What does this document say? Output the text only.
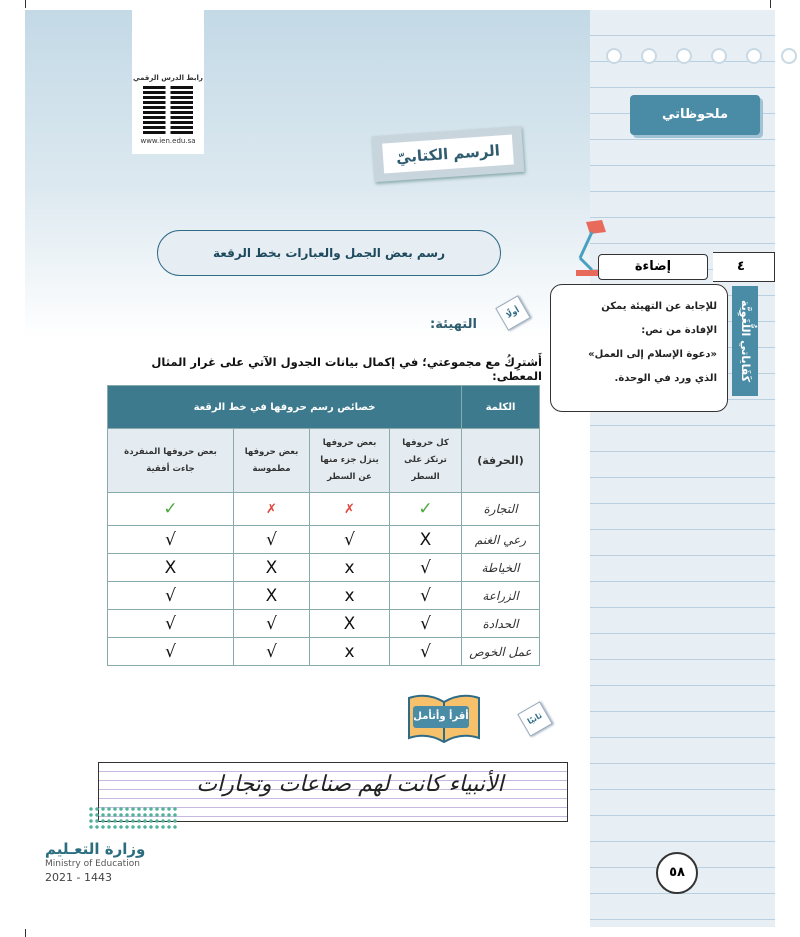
رابط الدرس الرقمي
www.ien.edu.sa
الرسم الكتابيّ
رسم بعض الجمل والعبارات بخط الرقعة
ملحوظاتي
إضاءة	٤
للإجابة عن التهيئة يمكن
الإفادة من نص:
«دعوة الإسلام إلى العمل»
الذي ورد في الوحدة.	كَفَاياتي اللُّغَوِيَّة
أولًا
التهيئة:
أَشترِكُ مع مجموعتي؛ في إكمال بيانات الجدول الآتي على غرار المثال المعطى:
الكلمة	خصائص رسم حروفها في خط الرقعة			
(الحرفة)	كل حروفها ترتكز على السطر	بعض حروفها ينزل جزء منها عن السطر	بعض حروفها مطموسة	بعض حروفها المنفردة جاءت أفقية
التجارة	✓	✗	✗	✓
رعي الغنم	X	√	√	√
الخياطة	√	x	X	X
الزراعة	√	x	X	√
الحدادة	√	X	√	√
عمل الخوص	√	x	√	√
أقرأ وأتأمل	ثانيًا
الأنبياء كانت لهم صناعات وتجارات
وزارة التعـليم
Ministry of Education
2021 - 1443	٥٨
